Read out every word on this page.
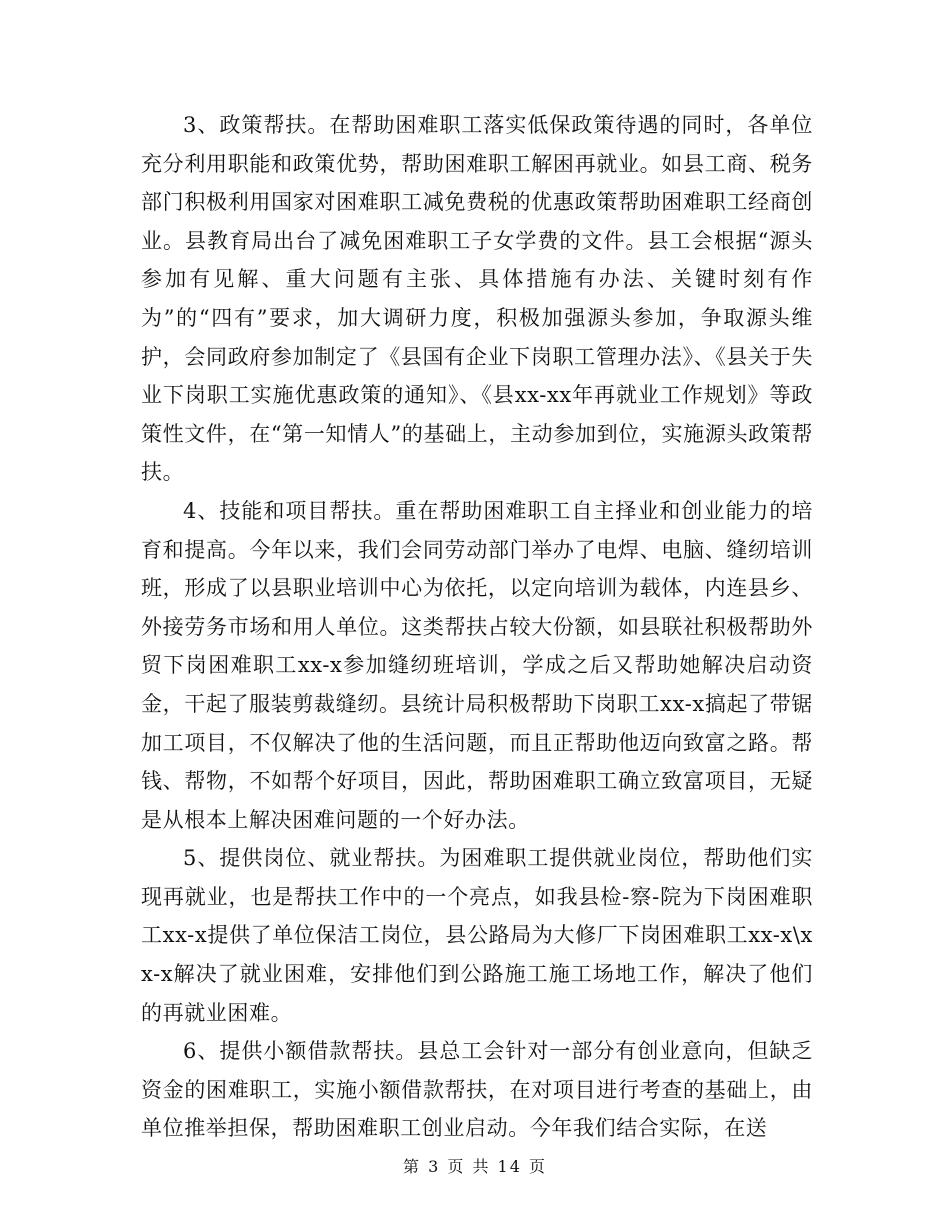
3、政策帮扶。在帮助困难职工落实低保政策待遇的同时，各单位充分利用职能和政策优势，帮助困难职工解困再就业。如县工商、税务部门积极利用国家对困难职工减免费税的优惠政策帮助困难职工经商创业。县教育局出台了减免困难职工子女学费的文件。县工会根据“源头参加有见解、重大问题有主张、具体措施有办法、关键时刻有作为”的“四有”要求，加大调研力度，积极加强源头参加，争取源头维护，会同政府参加制定了《县国有企业下岗职工管理办法》、《县关于失业下岗职工实施优惠政策的通知》、《县xx-xx年再就业工作规划》等政策性文件，在“第一知情人”的基础上，主动参加到位，实施源头政策帮扶。

4、技能和项目帮扶。重在帮助困难职工自主择业和创业能力的培育和提高。今年以来，我们会同劳动部门举办了电焊、电脑、缝纫培训班，形成了以县职业培训中心为依托，以定向培训为载体，内连县乡、外接劳务市场和用人单位。这类帮扶占较大份额，如县联社积极帮助外贸下岗困难职工xx-x参加缝纫班培训，学成之后又帮助她解决启动资金，干起了服装剪裁缝纫。县统计局积极帮助下岗职工xx-x搞起了带锯加工项目，不仅解决了他的生活问题，而且正帮助他迈向致富之路。帮钱、帮物，不如帮个好项目，因此，帮助困难职工确立致富项目，无疑是从根本上解决困难问题的一个好办法。

5、提供岗位、就业帮扶。为困难职工提供就业岗位，帮助他们实现再就业，也是帮扶工作中的一个亮点，如我县检-察-院为下岗困难职工xx-x提供了单位保洁工岗位，县公路局为大修厂下岗困难职工xx-x\xx-x解决了就业困难，安排他们到公路施工施工场地工作，解决了他们的再就业困难。

6、提供小额借款帮扶。县总工会针对一部分有创业意向，但缺乏资金的困难职工，实施小额借款帮扶，在对项目进行考查的基础上，由单位推举担保，帮助困难职工创业启动。今年我们结合实际，在送

第 3 页 共 14 页
